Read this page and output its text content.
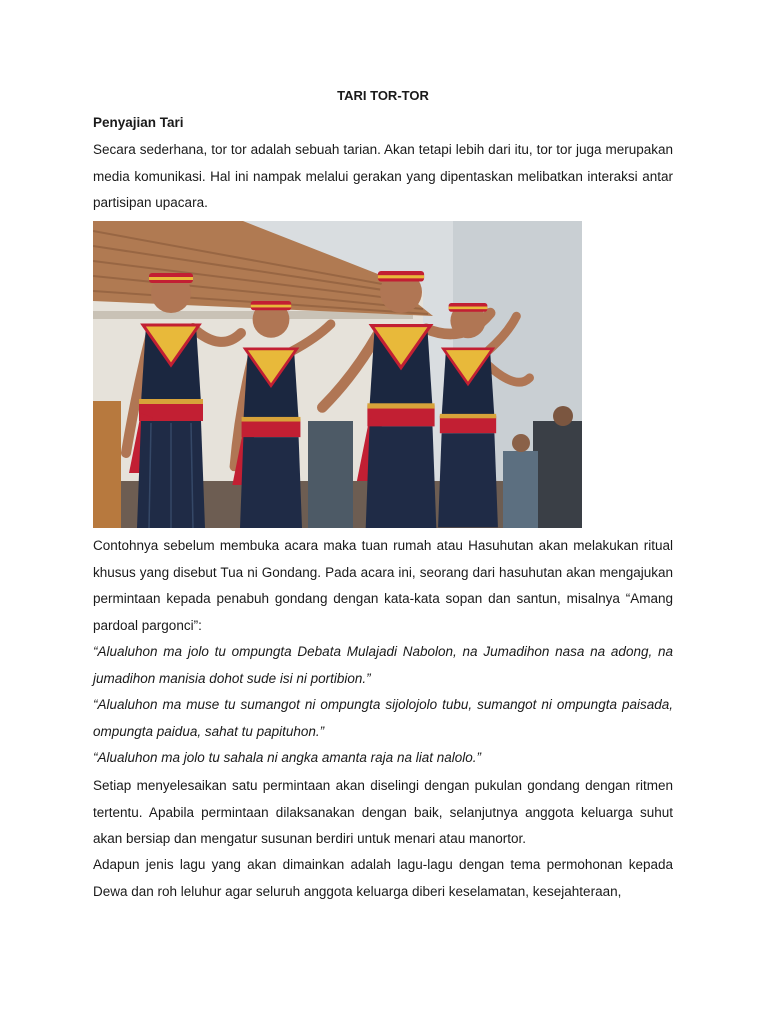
TARI TOR-TOR
Penyajian Tari

Secara sederhana, tor tor adalah sebuah tarian. Akan tetapi lebih dari itu, tor tor juga merupakan media komunikasi. Hal ini nampak melalui gerakan yang dipentaskan melibatkan interaksi antar partisipan upacara.

Contohnya sebelum membuka acara maka tuan rumah atau Hasuhutan akan melakukan ritual khusus yang disebut Tua ni Gondang. Pada acara ini, seorang dari hasuhutan akan mengajukan permintaan kepada penabuh gondang dengan kata-kata sopan dan santun, misalnya “Amang pardoal pargonci”:

“Alualuhon ma jolo tu ompungta Debata Mulajadi Nabolon, na Jumadihon nasa na adong, na jumadihon manisia dohot sude isi ni portibion.”

“Alualuhon ma muse tu sumangot ni ompungta sijolojolo tubu, sumangot ni ompungta paisada, ompungta paidua, sahat tu papituhon.”

“Alualuhon ma jolo tu sahala ni angka amanta raja na liat nalolo.”

Setiap menyelesaikan satu permintaan akan diselingi dengan pukulan gondang dengan ritmen tertentu. Apabila permintaan dilaksanakan dengan baik, selanjutnya anggota keluarga suhut akan bersiap dan mengatur susunan berdiri untuk menari atau manortor.

Adapun jenis lagu yang akan dimainkan adalah lagu-lagu dengan tema permohonan kepada Dewa dan roh leluhur agar seluruh anggota keluarga diberi keselamatan, kesejahteraan,
